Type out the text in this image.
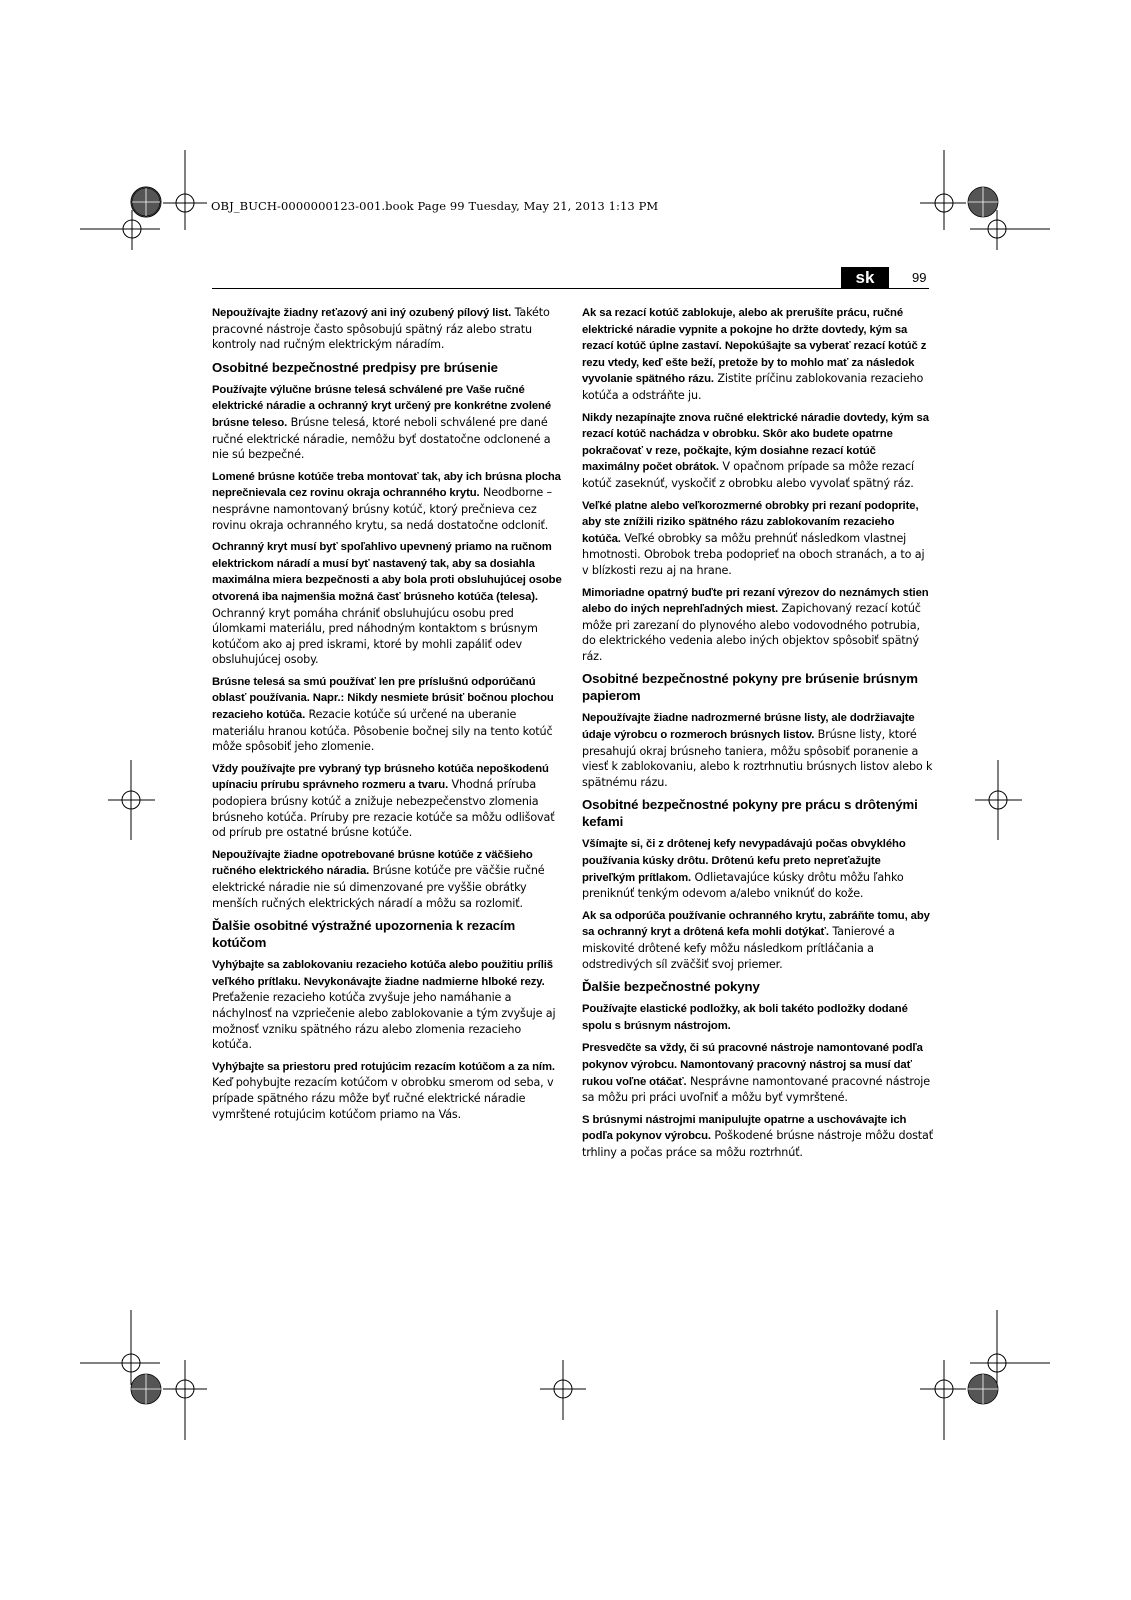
OBJ_BUCH-0000000123-001.book Page 99 Tuesday, May 21, 2013 1:13 PM
sk	99

Nepoužívajte žiadny reťazový ani iný ozubený pílový list. Takéto pracovné nástroje často spôsobujú spätný ráz alebo stratu kontroly nad ručným elektrickým náradím.

Osobitné bezpečnostné predpisy pre brúsenie

Používajte výlučne brúsne telesá schválené pre Vaše ručné elektrické náradie a ochranný kryt určený pre konkrétne zvolené brúsne teleso. Brúsne telesá, ktoré neboli schválené pre dané ručné elektrické náradie, nemôžu byť dostatočne odclonené a nie sú bezpečné.

Lomené brúsne kotúče treba montovať tak, aby ich brúsna plocha neprečnievala cez rovinu okraja ochranného krytu. Neodborne – nesprávne namontovaný brúsny kotúč, ktorý prečnieva cez rovinu okraja ochranného krytu, sa nedá dostatočne odcloniť.

Ochranný kryt musí byť spoľahlivo upevnený priamo na ručnom elektrickom náradí a musí byť nastavený tak, aby sa dosiahla maximálna miera bezpečnosti a aby bola proti obsluhujúcej osobe otvorená iba najmenšia možná časť brúsneho kotúča (telesa). Ochranný kryt pomáha chrániť obsluhujúcu osobu pred úlomkami materiálu, pred náhodným kontaktom s brúsnym kotúčom ako aj pred iskrami, ktoré by mohli zapáliť odev obsluhujúcej osoby.

Brúsne telesá sa smú používať len pre príslušnú odporúčanú oblasť používania. Napr.: Nikdy nesmiete brúsiť bočnou plochou rezacieho kotúča. Rezacie kotúče sú určené na uberanie materiálu hranou kotúča. Pôsobenie bočnej sily na tento kotúč môže spôsobiť jeho zlomenie.

Vždy používajte pre vybraný typ brúsneho kotúča nepoškodenú upínaciu prírubu správneho rozmeru a tvaru. Vhodná príruba podopiera brúsny kotúč a znižuje nebezpečenstvo zlomenia brúsneho kotúča. Príruby pre rezacie kotúče sa môžu odlišovať od prírub pre ostatné brúsne kotúče.

Nepoužívajte žiadne opotrebované brúsne kotúče z väčšieho ručného elektrického náradia. Brúsne kotúče pre väčšie ručné elektrické náradie nie sú dimenzované pre vyššie obrátky menších ručných elektrických náradí a môžu sa rozlomiť.

Ďalšie osobitné výstražné upozornenia k rezacím kotúčom

Vyhýbajte sa zablokovaniu rezacieho kotúča alebo použitiu príliš veľkého prítlaku. Nevykonávajte žiadne nadmierne hlboké rezy. Preťaženie rezacieho kotúča zvyšuje jeho namáhanie a náchylnosť na vzpriečenie alebo zablokovanie a tým zvyšuje aj možnosť vzniku spätného rázu alebo zlomenia rezacieho kotúča.

Vyhýbajte sa priestoru pred rotujúcim rezacím kotúčom a za ním. Keď pohybujte rezacím kotúčom v obrobku smerom od seba, v prípade spätného rázu môže byť ručné elektrické náradie vymrštené rotujúcim kotúčom priamo na Vás.

Ak sa rezací kotúč zablokuje, alebo ak prerušíte prácu, ručné elektrické náradie vypnite a pokojne ho držte dovtedy, kým sa rezací kotúč úplne zastaví. Nepokúšajte sa vyberať rezací kotúč z rezu vtedy, keď ešte beží, pretože by to mohlo mať za následok vyvolanie spätného rázu. Zistite príčinu zablokovania rezacieho kotúča a odstráňte ju.

Nikdy nezapínajte znova ručné elektrické náradie dovtedy, kým sa rezací kotúč nachádza v obrobku. Skôr ako budete opatrne pokračovať v reze, počkajte, kým dosiahne rezací kotúč maximálny počet obrátok. V opačnom prípade sa môže rezací kotúč zaseknúť, vyskočiť z obrobku alebo vyvolať spätný ráz.

Veľké platne alebo veľkorozmerné obrobky pri rezaní podoprite, aby ste znížili riziko spätného rázu zablokovaním rezacieho kotúča. Veľké obrobky sa môžu prehnúť následkom vlastnej hmotnosti. Obrobok treba podoprieť na oboch stranách, a to aj v blízkosti rezu aj na hrane.

Mimoriadne opatrný buďte pri rezaní výrezov do neznámych stien alebo do iných neprehľadných miest. Zapichovaný rezací kotúč môže pri zarezaní do plynového alebo vodovodného potrubia, do elektrického vedenia alebo iných objektov spôsobiť spätný ráz.

Osobitné bezpečnostné pokyny pre brúsenie brúsnym papierom

Nepoužívajte žiadne nadrozmerné brúsne listy, ale dodržiavajte údaje výrobcu o rozmeroch brúsnych listov. Brúsne listy, ktoré presahujú okraj brúsneho taniera, môžu spôsobiť poranenie a viesť k zablokovaniu, alebo k roztrhnutiu brúsnych listov alebo k spätnému rázu.

Osobitné bezpečnostné pokyny pre prácu s drôtenými kefami

Všímajte si, či z drôtenej kefy nevypadávajú počas obvyklého používania kúsky drôtu. Drôtenú kefu preto nepreťažujte priveľkým prítlakom. Odlietavajúce kúsky drôtu môžu ľahko preniknúť tenkým odevom a/alebo vniknúť do kože.

Ak sa odporúča používanie ochranného krytu, zabráňte tomu, aby sa ochranný kryt a drôtená kefa mohli dotýkať. Tanierové a miskovité drôtené kefy môžu následkom prítláčania a odstredivých síl zväčšiť svoj priemer.

Ďalšie bezpečnostné pokyny

Používajte elastické podložky, ak boli takéto podložky dodané spolu s brúsnym nástrojom.

Presvedčte sa vždy, či sú pracovné nástroje namontované podľa pokynov výrobcu. Namontovaný pracovný nástroj sa musí dať rukou voľne otáčať. Nesprávne namontované pracovné nástroje sa môžu pri práci uvoľniť a môžu byť vymrštené.

S brúsnymi nástrojmi manipulujte opatrne a uschovávajte ich podľa pokynov výrobcu. Poškodené brúsne nástroje môžu dostať trhliny a počas práce sa môžu roztrhnúť.
